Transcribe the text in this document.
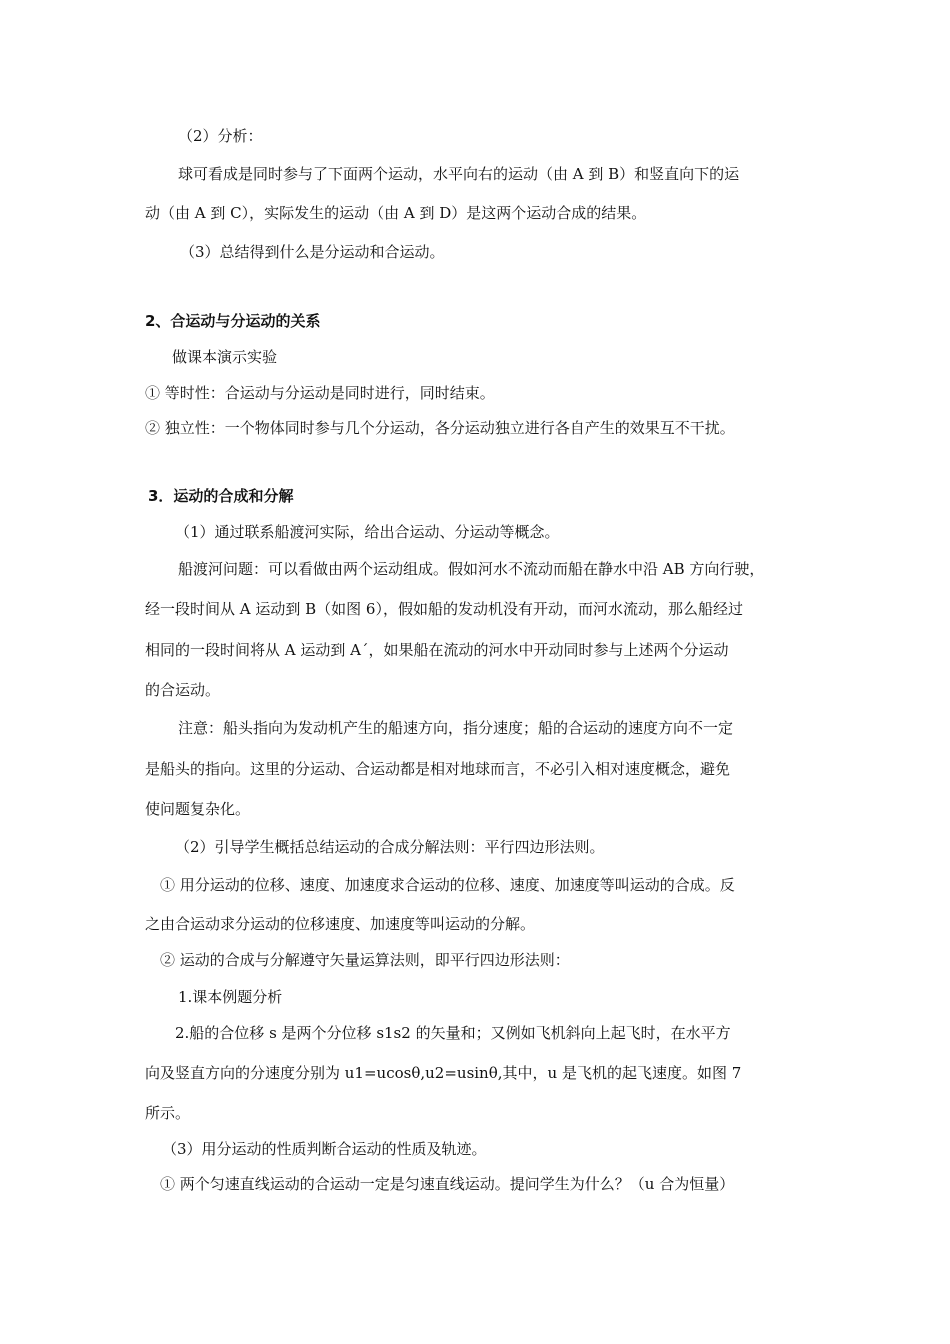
（2）分析：
球可看成是同时参与了下面两个运动，水平向右的运动（由 A 到 B）和竖直向下的运
动（由 A 到 C），实际发生的运动（由 A 到 D）是这两个运动合成的结果。
（3）总结得到什么是分运动和合运动。
2、合运动与分运动的关系
做课本演示实验
① 等时性：合运动与分运动是同时进行，同时结束。
② 独立性：一个物体同时参与几个分运动，各分运动独立进行各自产生的效果互不干扰。
3．运动的合成和分解
（1）通过联系船渡河实际，给出合运动、分运动等概念。
船渡河问题：可以看做由两个运动组成。假如河水不流动而船在静水中沿 AB 方向行驶，
经一段时间从 A 运动到 B（如图 6），假如船的发动机没有开动，而河水流动，那么船经过
相同的一段时间将从 A 运动到 A´，如果船在流动的河水中开动同时参与上述两个分运动
的合运动。
注意：船头指向为发动机产生的船速方向，指分速度；船的合运动的速度方向不一定
是船头的指向。这里的分运动、合运动都是相对地球而言，不必引入相对速度概念，避免
使问题复杂化。
（2）引导学生概括总结运动的合成分解法则：平行四边形法则。
① 用分运动的位移、速度、加速度求合运动的位移、速度、加速度等叫运动的合成。反
之由合运动求分运动的位移速度、加速度等叫运动的分解。
② 运动的合成与分解遵守矢量运算法则，即平行四边形法则：
1.课本例题分析
2.船的合位移 s 是两个分位移 s1s2 的矢量和；又例如飞机斜向上起飞时，在水平方
向及竖直方向的分速度分别为 u1=ucosθ,u2=usinθ,其中，u 是飞机的起飞速度。如图 7
所示。
（3）用分运动的性质判断合运动的性质及轨迹。
① 两个匀速直线运动的合运动一定是匀速直线运动。提问学生为什么？（u 合为恒量）
